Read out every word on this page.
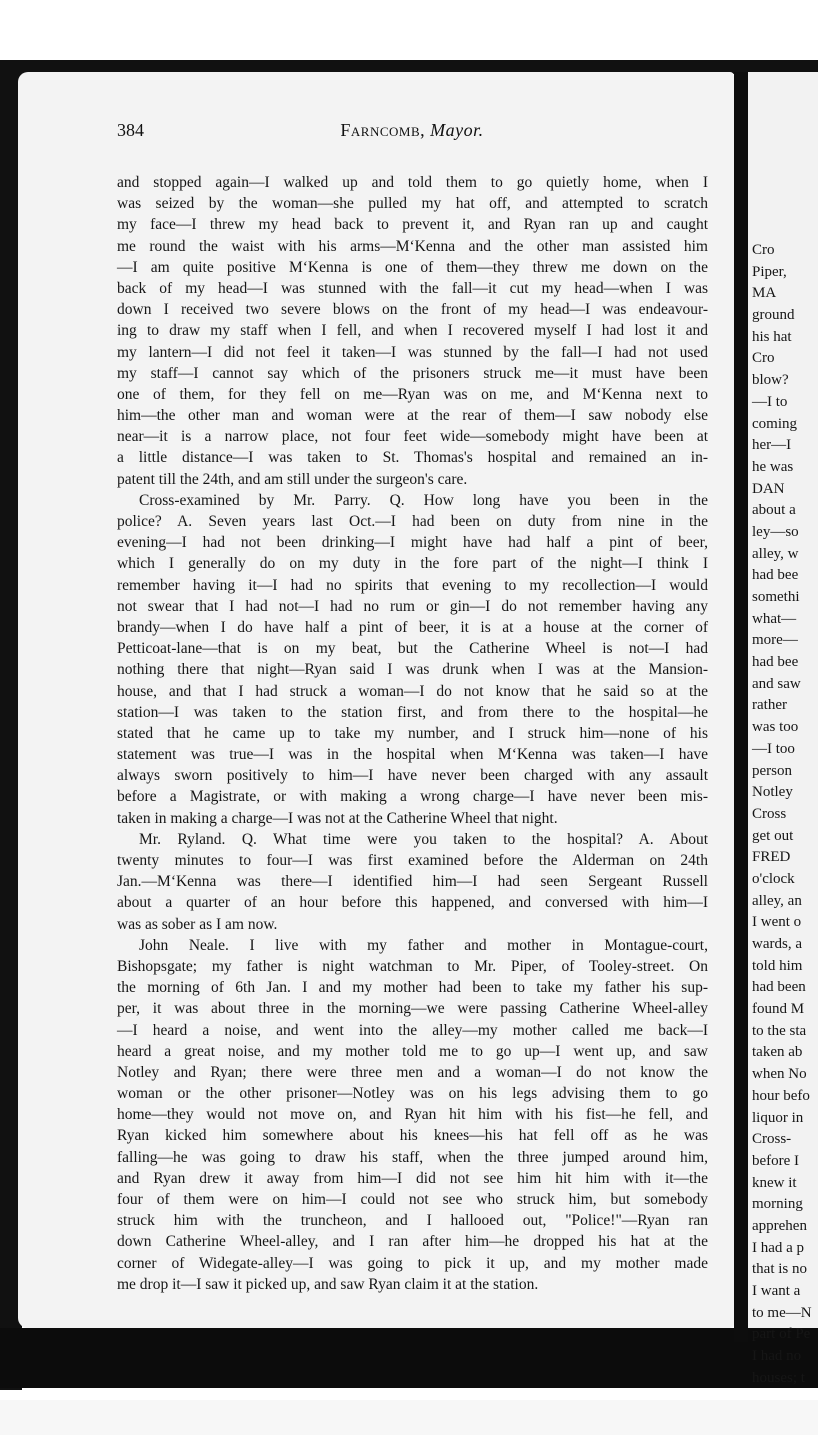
Cro
Piper,
MA
ground
his hat
Cro
blow?
—I to
coming
her—I
he was
DAN
about a
ley—so
alley, w
had bee
somethi
what—
more—
had bee
and saw
rather
was too
—I too
person
Notley
Cross
get out
FRED
o'clock
alley, an
I went o
wards, a
told him
had been
found M
to the sta
taken ab
when No
hour befo
liquor in
Cross-
before I
knew it
morning
apprehen
I had a p
that is no
I want a
to me—N
part of Pe
I had no
houses; t
384	Farncomb, Mayor.
and stopped again—I walked up and told them to go quietly home, when I
was seized by the woman—she pulled my hat off, and attempted to scratch
my face—I threw my head back to prevent it, and Ryan ran up and caught
me round the waist with his arms—M‘Kenna and the other man assisted him
—I am quite positive M‘Kenna is one of them—they threw me down on the
back of my head—I was stunned with the fall—it cut my head—when I was
down I received two severe blows on the front of my head—I was endeavour-
ing to draw my staff when I fell, and when I recovered myself I had lost it and
my lantern—I did not feel it taken—I was stunned by the fall—I had not used
my staff—I cannot say which of the prisoners struck me—it must have been
one of them, for they fell on me—Ryan was on me, and M‘Kenna next to
him—the other man and woman were at the rear of them—I saw nobody else
near—it is a narrow place, not four feet wide—somebody might have been at
a little distance—I was taken to St. Thomas's hospital and remained an in-
patent till the 24th, and am still under the surgeon's care.
Cross-examined by Mr. Parry. Q. How long have you been in the
police? A. Seven years last Oct.—I had been on duty from nine in the
evening—I had not been drinking—I might have had half a pint of beer,
which I generally do on my duty in the fore part of the night—I think I
remember having it—I had no spirits that evening to my recollection—I would
not swear that I had not—I had no rum or gin—I do not remember having any
brandy—when I do have half a pint of beer, it is at a house at the corner of
Petticoat-lane—that is on my beat, but the Catherine Wheel is not—I had
nothing there that night—Ryan said I was drunk when I was at the Mansion-
house, and that I had struck a woman—I do not know that he said so at the
station—I was taken to the station first, and from there to the hospital—he
stated that he came up to take my number, and I struck him—none of his
statement was true—I was in the hospital when M‘Kenna was taken—I have
always sworn positively to him—I have never been charged with any assault
before a Magistrate, or with making a wrong charge—I have never been mis-
taken in making a charge—I was not at the Catherine Wheel that night.
Mr. Ryland. Q. What time were you taken to the hospital? A. About
twenty minutes to four—I was first examined before the Alderman on 24th
Jan.—M‘Kenna was there—I identified him—I had seen Sergeant Russell
about a quarter of an hour before this happened, and conversed with him—I
was as sober as I am now.
John Neale. I live with my father and mother in Montague-court,
Bishopsgate; my father is night watchman to Mr. Piper, of Tooley-street. On
the morning of 6th Jan. I and my mother had been to take my father his sup-
per, it was about three in the morning—we were passing Catherine Wheel-alley
—I heard a noise, and went into the alley—my mother called me back—I
heard a great noise, and my mother told me to go up—I went up, and saw
Notley and Ryan; there were three men and a woman—I do not know the
woman or the other prisoner—Notley was on his legs advising them to go
home—they would not move on, and Ryan hit him with his fist—he fell, and
Ryan kicked him somewhere about his knees—his hat fell off as he was
falling—he was going to draw his staff, when the three jumped around him,
and Ryan drew it away from him—I did not see him hit him with it—the
four of them were on him—I could not see who struck him, but somebody
struck him with the truncheon, and I hallooed out, "Police!"—Ryan ran
down Catherine Wheel-alley, and I ran after him—he dropped his hat at the
corner of Widegate-alley—I was going to pick it up, and my mother made
me drop it—I saw it picked up, and saw Ryan claim it at the station.
